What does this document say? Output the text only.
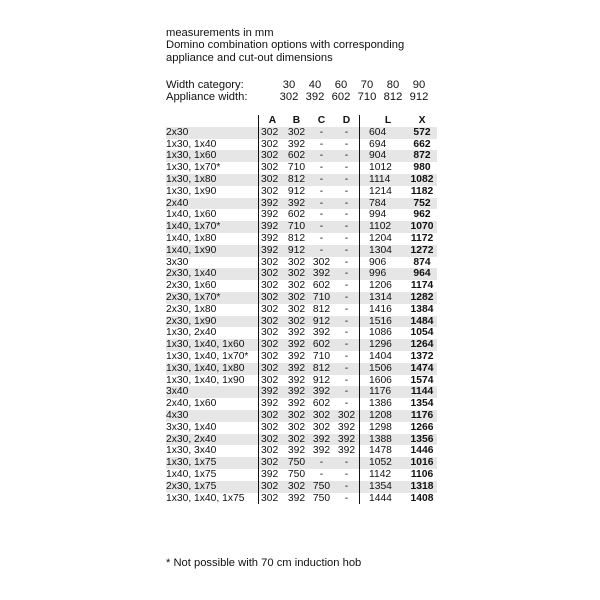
measurements in mm
Domino combination options with corresponding
appliance and cut-out dimensions
Width category:	30	40	60	70	80	90
Appliance width:	302 392 602 710 812 912
	A	B	C	D	L	X
2x30	302	302	-	-	604	572
1x30, 1x40	302	392	-	-	694	662
1x30, 1x60	302	602	-	-	904	872
1x30, 1x70*	302	710	-	-	1012	980
1x30, 1x80	302	812	-	-	1114	1082
1x30, 1x90	302	912	-	-	1214	1182
2x40	392	392	-	-	784	752
1x40, 1x60	392	602	-	-	994	962
1x40, 1x70*	392	710	-	-	1102	1070
1x40, 1x80	392	812	-	-	1204	1172
1x40, 1x90	392	912	-	-	1304	1272
3x30	302	302	302	-	906	874
2x30, 1x40	302	302	392	-	996	964
2x30, 1x60	302	302	602	-	1206	1174
2x30, 1x70*	302	302	710	-	1314	1282
2x30, 1x80	302	302	812	-	1416	1384
2x30, 1x90	302	302	912	-	1516	1484
1x30, 2x40	302	392	392	-	1086	1054
1x30, 1x40, 1x60	302	392	602	-	1296	1264
1x30, 1x40, 1x70*	302	392	710	-	1404	1372
1x30, 1x40, 1x80	302	392	812	-	1506	1474
1x30, 1x40, 1x90	302	392	912	-	1606	1574
3x40	392	392	392	-	1176	1144
2x40, 1x60	392	392	602	-	1386	1354
4x30	302	302	302	302	1208	1176
3x30, 1x40	302	302	302	392	1298	1266
2x30, 2x40	302	302	392	392	1388	1356
1x30, 3x40	302	392	392	392	1478	1446
1x30, 1x75	302	750	-	-	1052	1016
1x40, 1x75	392	750	-	-	1142	1106
2x30, 1x75	302	302	750	-	1354	1318
1x30, 1x40, 1x75	302	392	750	-	1444	1408
* Not possible with 70 cm induction hob
